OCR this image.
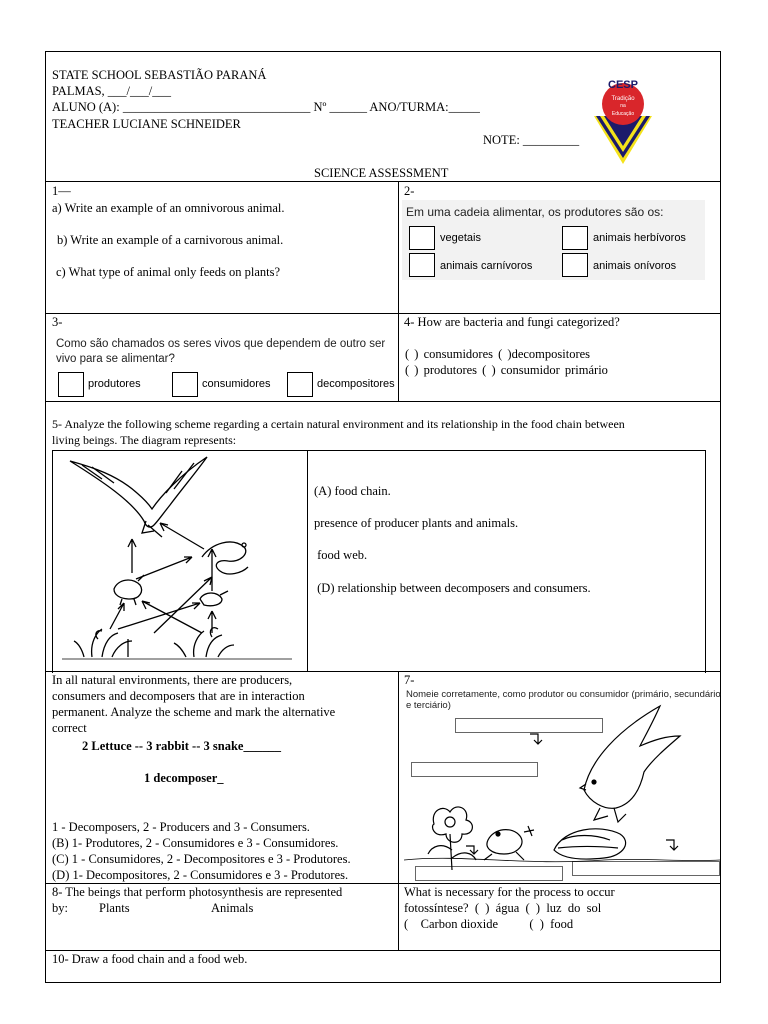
STATE SCHOOL SEBASTIÃO PARANÁ
PALMAS, ___/___/___
ALUNO (A): ______________________________ Nº ______ ANO/TURMA:_____
TEACHER LUCIANE SCHNEIDER
NOTE: _________
CESP
Tradição
na
Educação
SCIENCE ASSESSMENT
1—
a) Write an example of an omnivorous animal.
b) Write an example of a carnivorous animal.
c) What type of animal only feeds on plants?
2-
Em uma cadeia alimentar, os produtores são os:
vegetais	animais herbívoros
animais carnívoros	animais onívoros
3-
Como são chamados os seres vivos que dependem de outro ser
vivo para se alimentar?
produtores	consumidores	decompositores
4- How are bacteria and fungi categorized?
( ) consumidores ( )decompositores
( ) produtores ( ) consumidor primário
5- Analyze the following scheme regarding a certain natural environment and its relationship in the food chain between
living beings. The diagram represents:
(A) food chain.
presence of producer plants and animals.
food web.
(D) relationship between decomposers and consumers.
In all natural environments, there are producers,
consumers and decomposers that are in interaction
permanent. Analyze the scheme and mark the alternative
correct
2 Lettuce -- 3 rabbit -- 3 snake______
1 decomposer_
1 - Decomposers, 2 - Producers and 3 - Consumers.
(B) 1- Produtores, 2 - Consumidores e 3 - Consumidores.
(C) 1 - Consumidores, 2 - Decompositores e 3 - Produtores.
(D) 1- Decompositores, 2 - Consumidores e 3 - Produtores.
7-
Nomeie corretamente, como produtor ou consumidor (primário, secundário
e terciário)
8- The beings that perform photosynthesis are represented
by: Plants	Animals
What is necessary for the process to occur
fotossíntese?  (  )  água  (  )  luz  do  sol
(    Carbon dioxide          (  )  food
10- Draw a food chain and a food web.
